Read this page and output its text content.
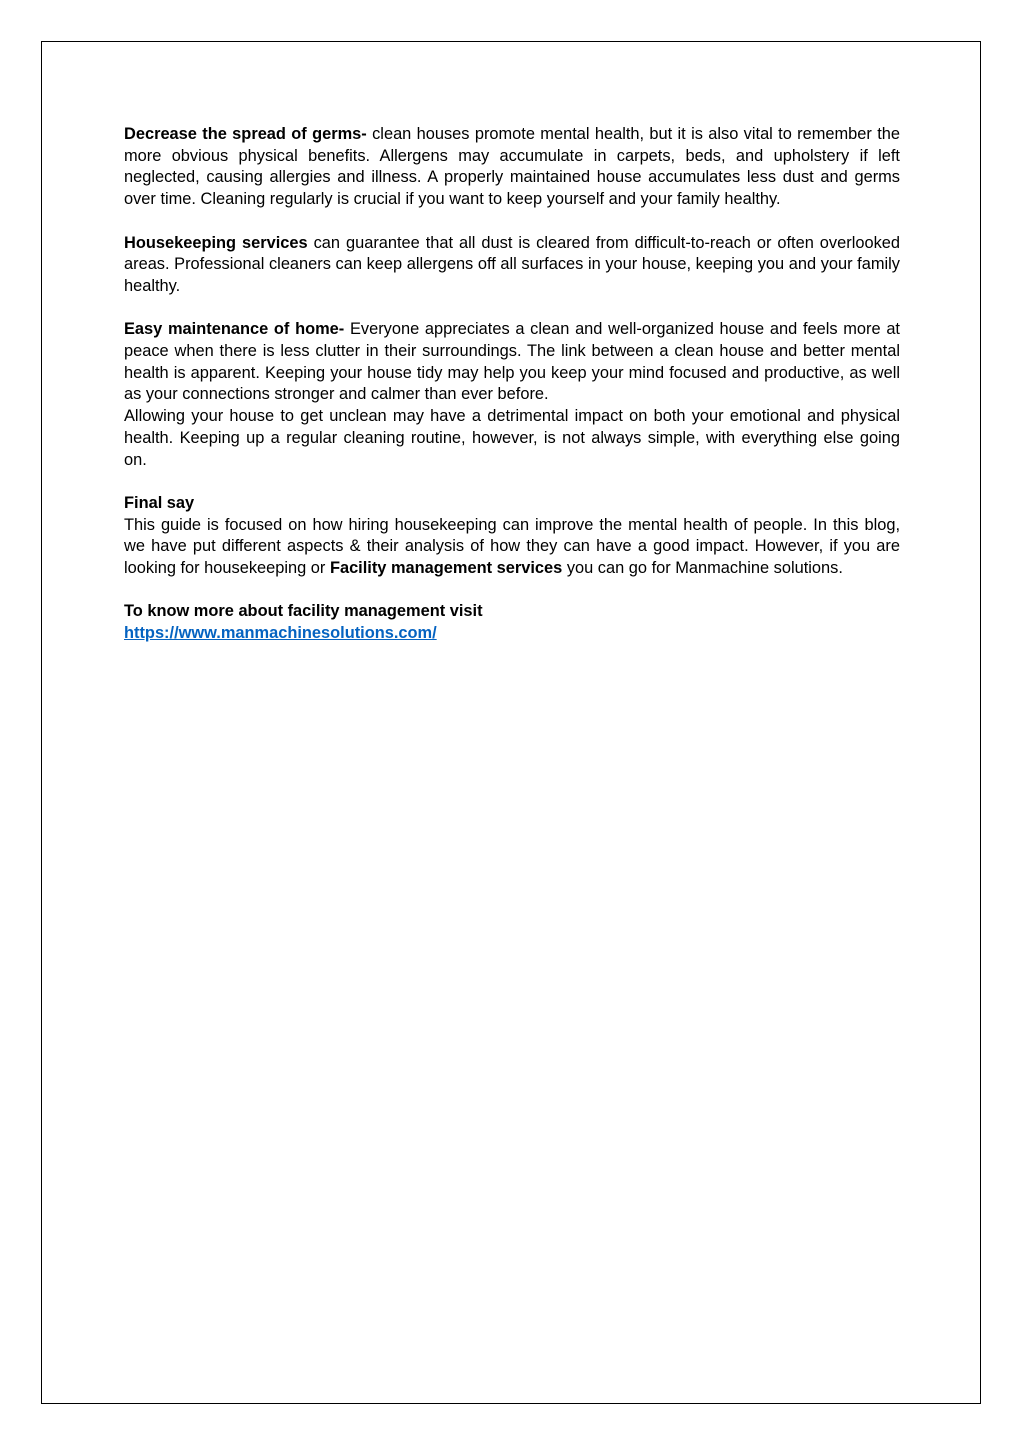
Decrease the spread of germs- clean houses promote mental health, but it is also vital to remember the more obvious physical benefits. Allergens may accumulate in carpets, beds, and upholstery if left neglected, causing allergies and illness. A properly maintained house accumulates less dust and germs over time. Cleaning regularly is crucial if you want to keep yourself and your family healthy.

Housekeeping services can guarantee that all dust is cleared from difficult-to-reach or often overlooked areas. Professional cleaners can keep allergens off all surfaces in your house, keeping you and your family healthy.

Easy maintenance of home- Everyone appreciates a clean and well-organized house and feels more at peace when there is less clutter in their surroundings. The link between a clean house and better mental health is apparent. Keeping your house tidy may help you keep your mind focused and productive, as well as your connections stronger and calmer than ever before.

Allowing your house to get unclean may have a detrimental impact on both your emotional and physical health. Keeping up a regular cleaning routine, however, is not always simple, with everything else going on.

Final say

This guide is focused on how hiring housekeeping can improve the mental health of people. In this blog, we have put different aspects & their analysis of how they can have a good impact. However, if you are looking for housekeeping or Facility management services you can go for Manmachine solutions.

To know more about facility management visit

https://www.manmachinesolutions.com/
